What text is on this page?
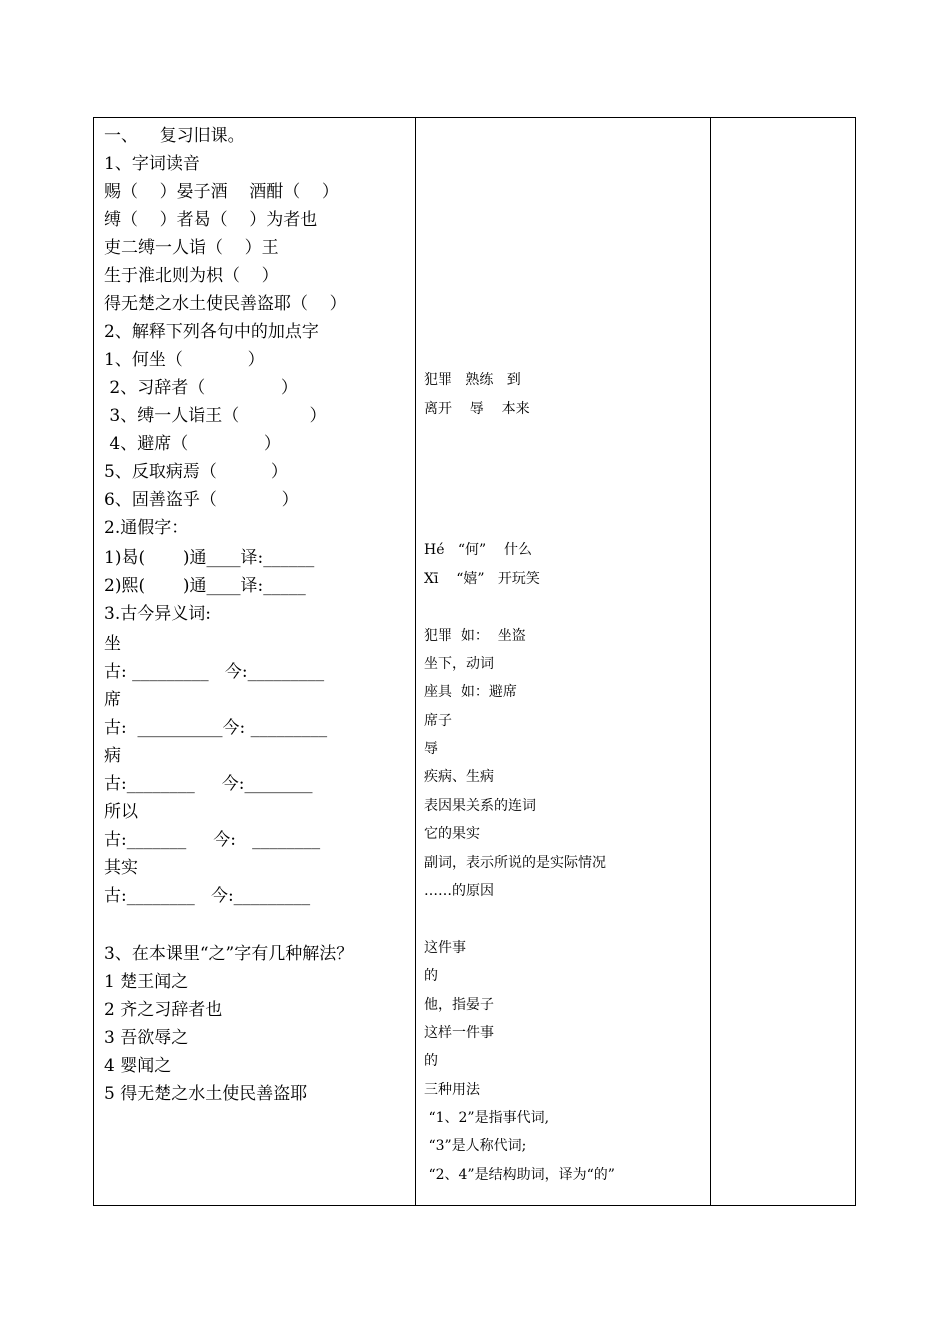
一、    复习旧课。
1、字词读音
赐（    ）晏子酒    酒酣（    ）
缚（    ）者曷（    ）为者也
吏二缚一人诣（    ）王
生于淮北则为枳（    ）
得无楚之水土使民善盗耶（    ）
2、解释下列各句中的加点字
1、何坐（            ）
2、习辞者（              ）
3、缚一人诣王（             ）
4、避席（              ）
5、反取病焉（          ）
6、固善盗乎（            ）
2.通假字：
1)曷(       )通____译:______
2)熙(       )通____译:_____
3.古今异义词:
坐
古: _________   今:_________
席
古:  __________今: _________
病
古:________     今:________
所以
古:_______     今:   ________
其实
古:________   今:_________
3、在本课里“之”字有几种解法？
1 楚王闻之
2 齐之习辞者也
3 吾欲辱之
4 婴闻之
5 得无楚之水土使民善盗耶
犯罪   熟练   到
离开    辱    本来
Hé   “何”    什么
Xī    “嬉”   开玩笑
犯罪  如：  坐盗
坐下，动词
座具  如：避席
席子
辱
疾病、生病
表因果关系的连词
它的果实
副词，表示所说的是实际情况
……的原因
这件事
的
他，指晏子
这样一件事
的
三种用法
“1、2”是指事代词,
“3”是人称代词;
“2、4”是结构助词，译为“的”
